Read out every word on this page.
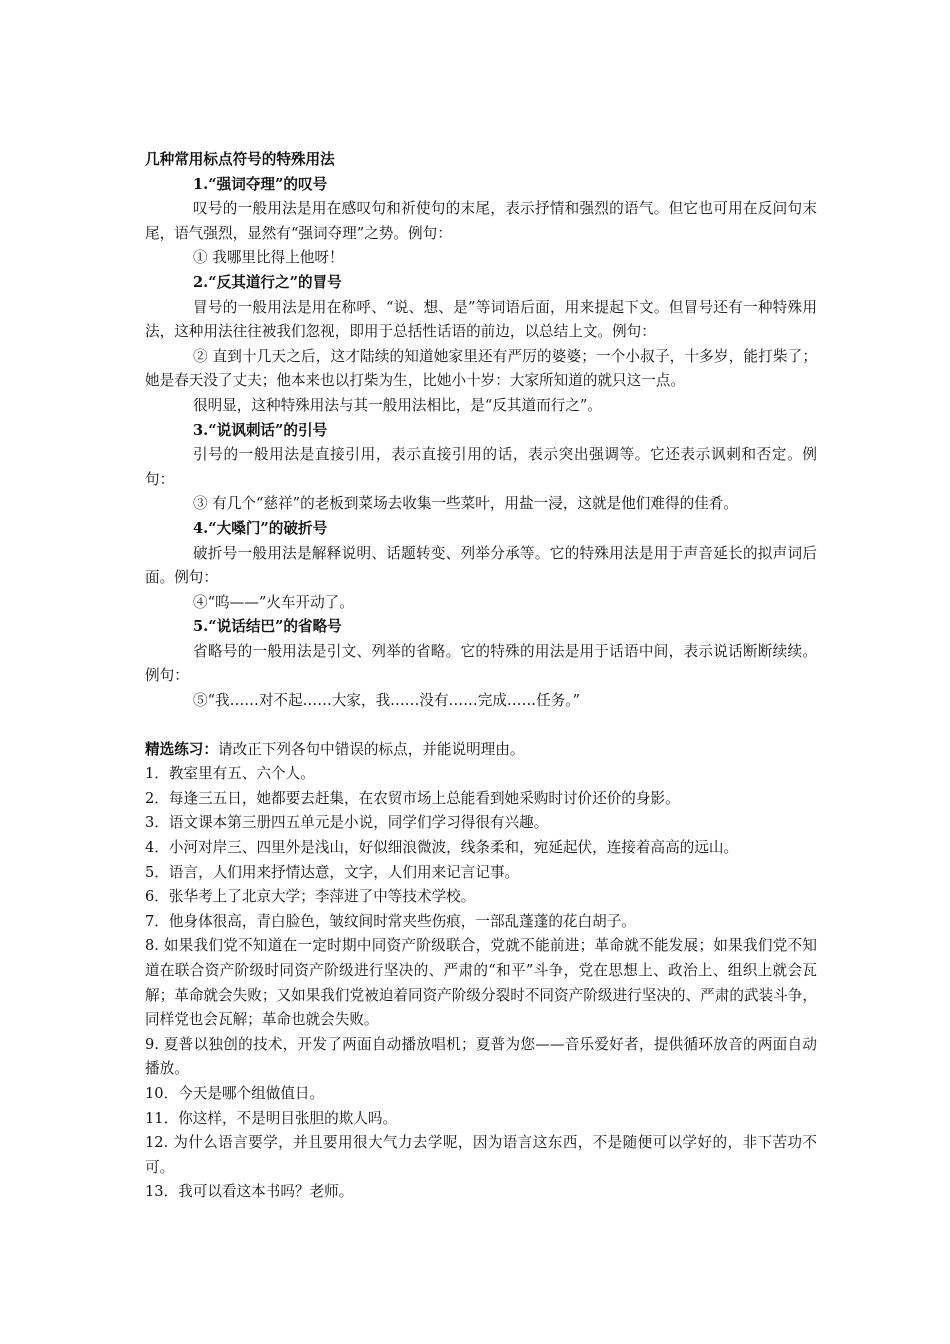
几种常用标点符号的特殊用法

1.“强词夺理”的叹号

叹号的一般用法是用在感叹句和祈使句的末尾，表示抒情和强烈的语气。但它也可用在反问句末尾，语气强烈，显然有“强词夺理”之势。例句：

① 我哪里比得上他呀！

2.“反其道行之”的冒号

冒号的一般用法是用在称呼、“说、想、是”等词语后面，用来提起下文。但冒号还有一种特殊用法，这种用法往往被我们忽视，即用于总括性话语的前边，以总结上文。例句：

② 直到十几天之后，这才陆续的知道她家里还有严厉的婆婆；一个小叔子，十多岁，能打柴了；她是春天没了丈夫；他本来也以打柴为生，比她小十岁：大家所知道的就只这一点。

很明显，这种特殊用法与其一般用法相比，是“反其道而行之”。

3.“说讽刺话”的引号

引号的一般用法是直接引用，表示直接引用的话，表示突出强调等。它还表示讽刺和否定。例句：

③ 有几个“慈祥”的老板到菜场去收集一些菜叶，用盐一浸，这就是他们难得的佳肴。

4.“大嗓门”的破折号

破折号一般用法是解释说明、话题转变、列举分承等。它的特殊用法是用于声音延长的拟声词后面。例句：

④“呜——”火车开动了。

5.“说话结巴”的省略号

省略号的一般用法是引文、列举的省略。它的特殊的用法是用于话语中间，表示说话断断续续。例句：

⑤“我……对不起……大家，我……没有……完成……任务。”

精选练习：请改正下列各句中错误的标点，并能说明理由。

1．教室里有五、六个人。

2．每逢三五日，她都要去赶集，在农贸市场上总能看到她采购时讨价还价的身影。

3．语文课本第三册四五单元是小说，同学们学习得很有兴趣。

4．小河对岸三、四里外是浅山，好似细浪微波，线条柔和，宛延起伏，连接着高高的远山。

5．语言，人们用来抒情达意，文字，人们用来记言记事。

6．张华考上了北京大学；李萍进了中等技术学校。

7．他身体很高，青白脸色，皱纹间时常夹些伤痕，一部乱蓬蓬的花白胡子。

8. 如果我们党不知道在一定时期中同资产阶级联合，党就不能前进；革命就不能发展；如果我们党不知道在联合资产阶级时同资产阶级进行坚决的、严肃的“和平”斗争，党在思想上、政治上、组织上就会瓦解；革命就会失败；又如果我们党被迫着同资产阶级分裂时不同资产阶级进行坚决的、严肃的武装斗争，同样党也会瓦解；革命也就会失败。

9. 夏普以独创的技术，开发了两面自动播放唱机；夏普为您——音乐爱好者，提供循环放音的两面自动播放。

10．今天是哪个组做值日。

11．你这样，不是明目张胆的欺人吗。

12. 为什么语言要学，并且要用很大气力去学呢，因为语言这东西，不是随便可以学好的，非下苦功不可。

13．我可以看这本书吗？老师。
